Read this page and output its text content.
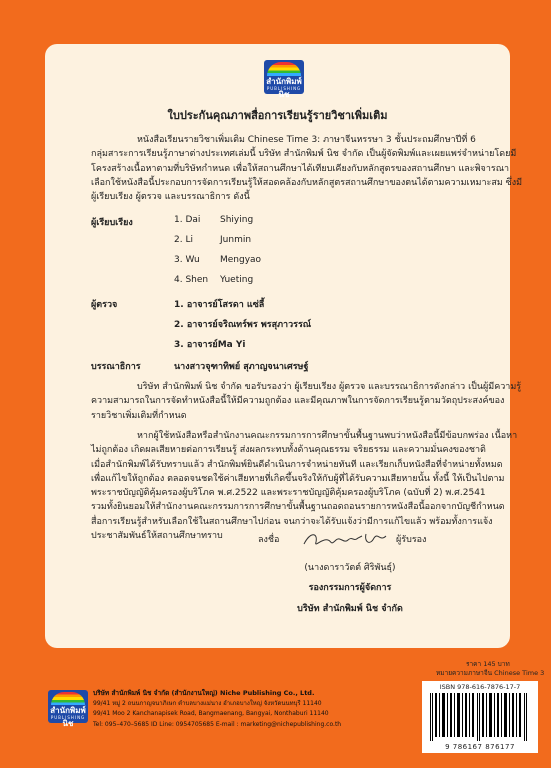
สำนักพิมพ์นิช
PUBLISHING
ใบประกันคุณภาพสื่อการเรียนรู้รายวิชาเพิ่มเติม
หนังสือเรียนรายวิชาเพิ่มเติม Chinese Time 3: ภาษาจีนหรรษา 3 ชั้นประถมศึกษาปีที่ 6
กลุ่มสาระการเรียนรู้ภาษาต่างประเทศเล่มนี้ บริษัท สำนักพิมพ์ นิช จำกัด เป็นผู้จัดพิมพ์และเผยแพร่จำหน่ายโดยมี
โครงสร้างเนื้อหาตามที่บริษัทกำหนด เพื่อให้สถานศึกษาได้เทียบเคียงกับหลักสูตรของสถานศึกษา และพิจารณา
เลือกใช้หนังสือนี้ประกอบการจัดการเรียนรู้ให้สอดคล้องกับหลักสูตรสถานศึกษาของตนได้ตามความเหมาะสม ซึ่งมี
ผู้เรียบเรียง ผู้ตรวจ และบรรณาธิการ ดังนี้
ผู้เรียบเรียง	1. Dai Shiying
2. Li	Junmin
3. Wu Mengyao
4. Shen Yueting
ผู้ตรวจ	1. อาจารย์โสรดา แซ่ลี้
2. อาจารย์จริณทร์พร พรสุภาวรรณ์
3. อาจารย์Ma Yi
บรรณาธิการ	นางสาวจุฑาทิพย์ สุภาญจนาเศรษฐ์
บริษัท สำนักพิมพ์ นิช จำกัด ขอรับรองว่า ผู้เรียบเรียง ผู้ตรวจ และบรรณาธิการดังกล่าว เป็นผู้มีความรู้
ความสามารถในการจัดทำหนังสือนี้ให้มีความถูกต้อง และมีคุณภาพในการจัดการเรียนรู้ตามวัตถุประสงค์ของ
รายวิชาเพิ่มเติมที่กำหนด
หากผู้ใช้หนังสือหรือสำนักงานคณะกรรมการการศึกษาขั้นพื้นฐานพบว่าหนังสือนี้มีข้อบกพร่อง เนื้อหา
ไม่ถูกต้อง เกิดผลเสียหายต่อการเรียนรู้ ส่งผลกระทบทั้งด้านคุณธรรม จริยธรรม และความมั่นคงของชาติ
เมื่อสำนักพิมพ์ได้รับทราบแล้ว สำนักพิมพ์ยินดีดำเนินการจำหน่ายทันที และเรียกเก็บหนังสือที่จำหน่ายทั้งหมด
เพื่อแก้ไขให้ถูกต้อง ตลอดจนชดใช้ค่าเสียหายที่เกิดขึ้นจริงให้กับผู้ที่ได้รับความเสียหายนั้น ทั้งนี้ ให้เป็นไปตาม
พระราชบัญญัติคุ้มครองผู้บริโภค พ.ศ.2522 และพระราชบัญญัติคุ้มครองผู้บริโภค (ฉบับที่ 2) พ.ศ.2541
รวมทั้งยินยอมให้สำนักงานคณะกรรมการการศึกษาขั้นพื้นฐานถอดถอนรายการหนังสือนี้ออกจากบัญชีกำหนด
สื่อการเรียนรู้สำหรับเลือกใช้ในสถานศึกษาไปก่อน จนกว่าจะได้รับแจ้งว่ามีการแก้ไขแล้ว พร้อมทั้งการแจ้ง
ประชาสัมพันธ์ให้สถานศึกษาทราบ	ลงชื่อ	ผู้รับรอง
(นางดาราวัตต์ ศิริพันธุ์)
รองกรรมการผู้จัดการ
บริษัท สำนักพิมพ์ นิช จำกัด
ราคา 145 บาท
หมายความภาษาจีน Chinese Time 3
ISBN 978-616-7876-17-7
9 786167 876177
สำนักพิมพ์นิช
PUBLISHING
บริษัท สำนักพิมพ์ นิช จำกัด (สำนักงานใหญ่) Niche Publishing Co., Ltd.
99/41 หมู่ 2 ถนนกาญจนาภิเษก ตำบลบางแม่นาง อำเภอบางใหญ่ จังหวัดนนทบุรี 11140
99/41 Moo 2 Kanchanapisek Road, Bangmaenang, Bangyai, Nonthaburi 11140
Tel: 095–470–5685 ID Line: 0954705685 E-mail : marketing@nichepublishing.co.th
